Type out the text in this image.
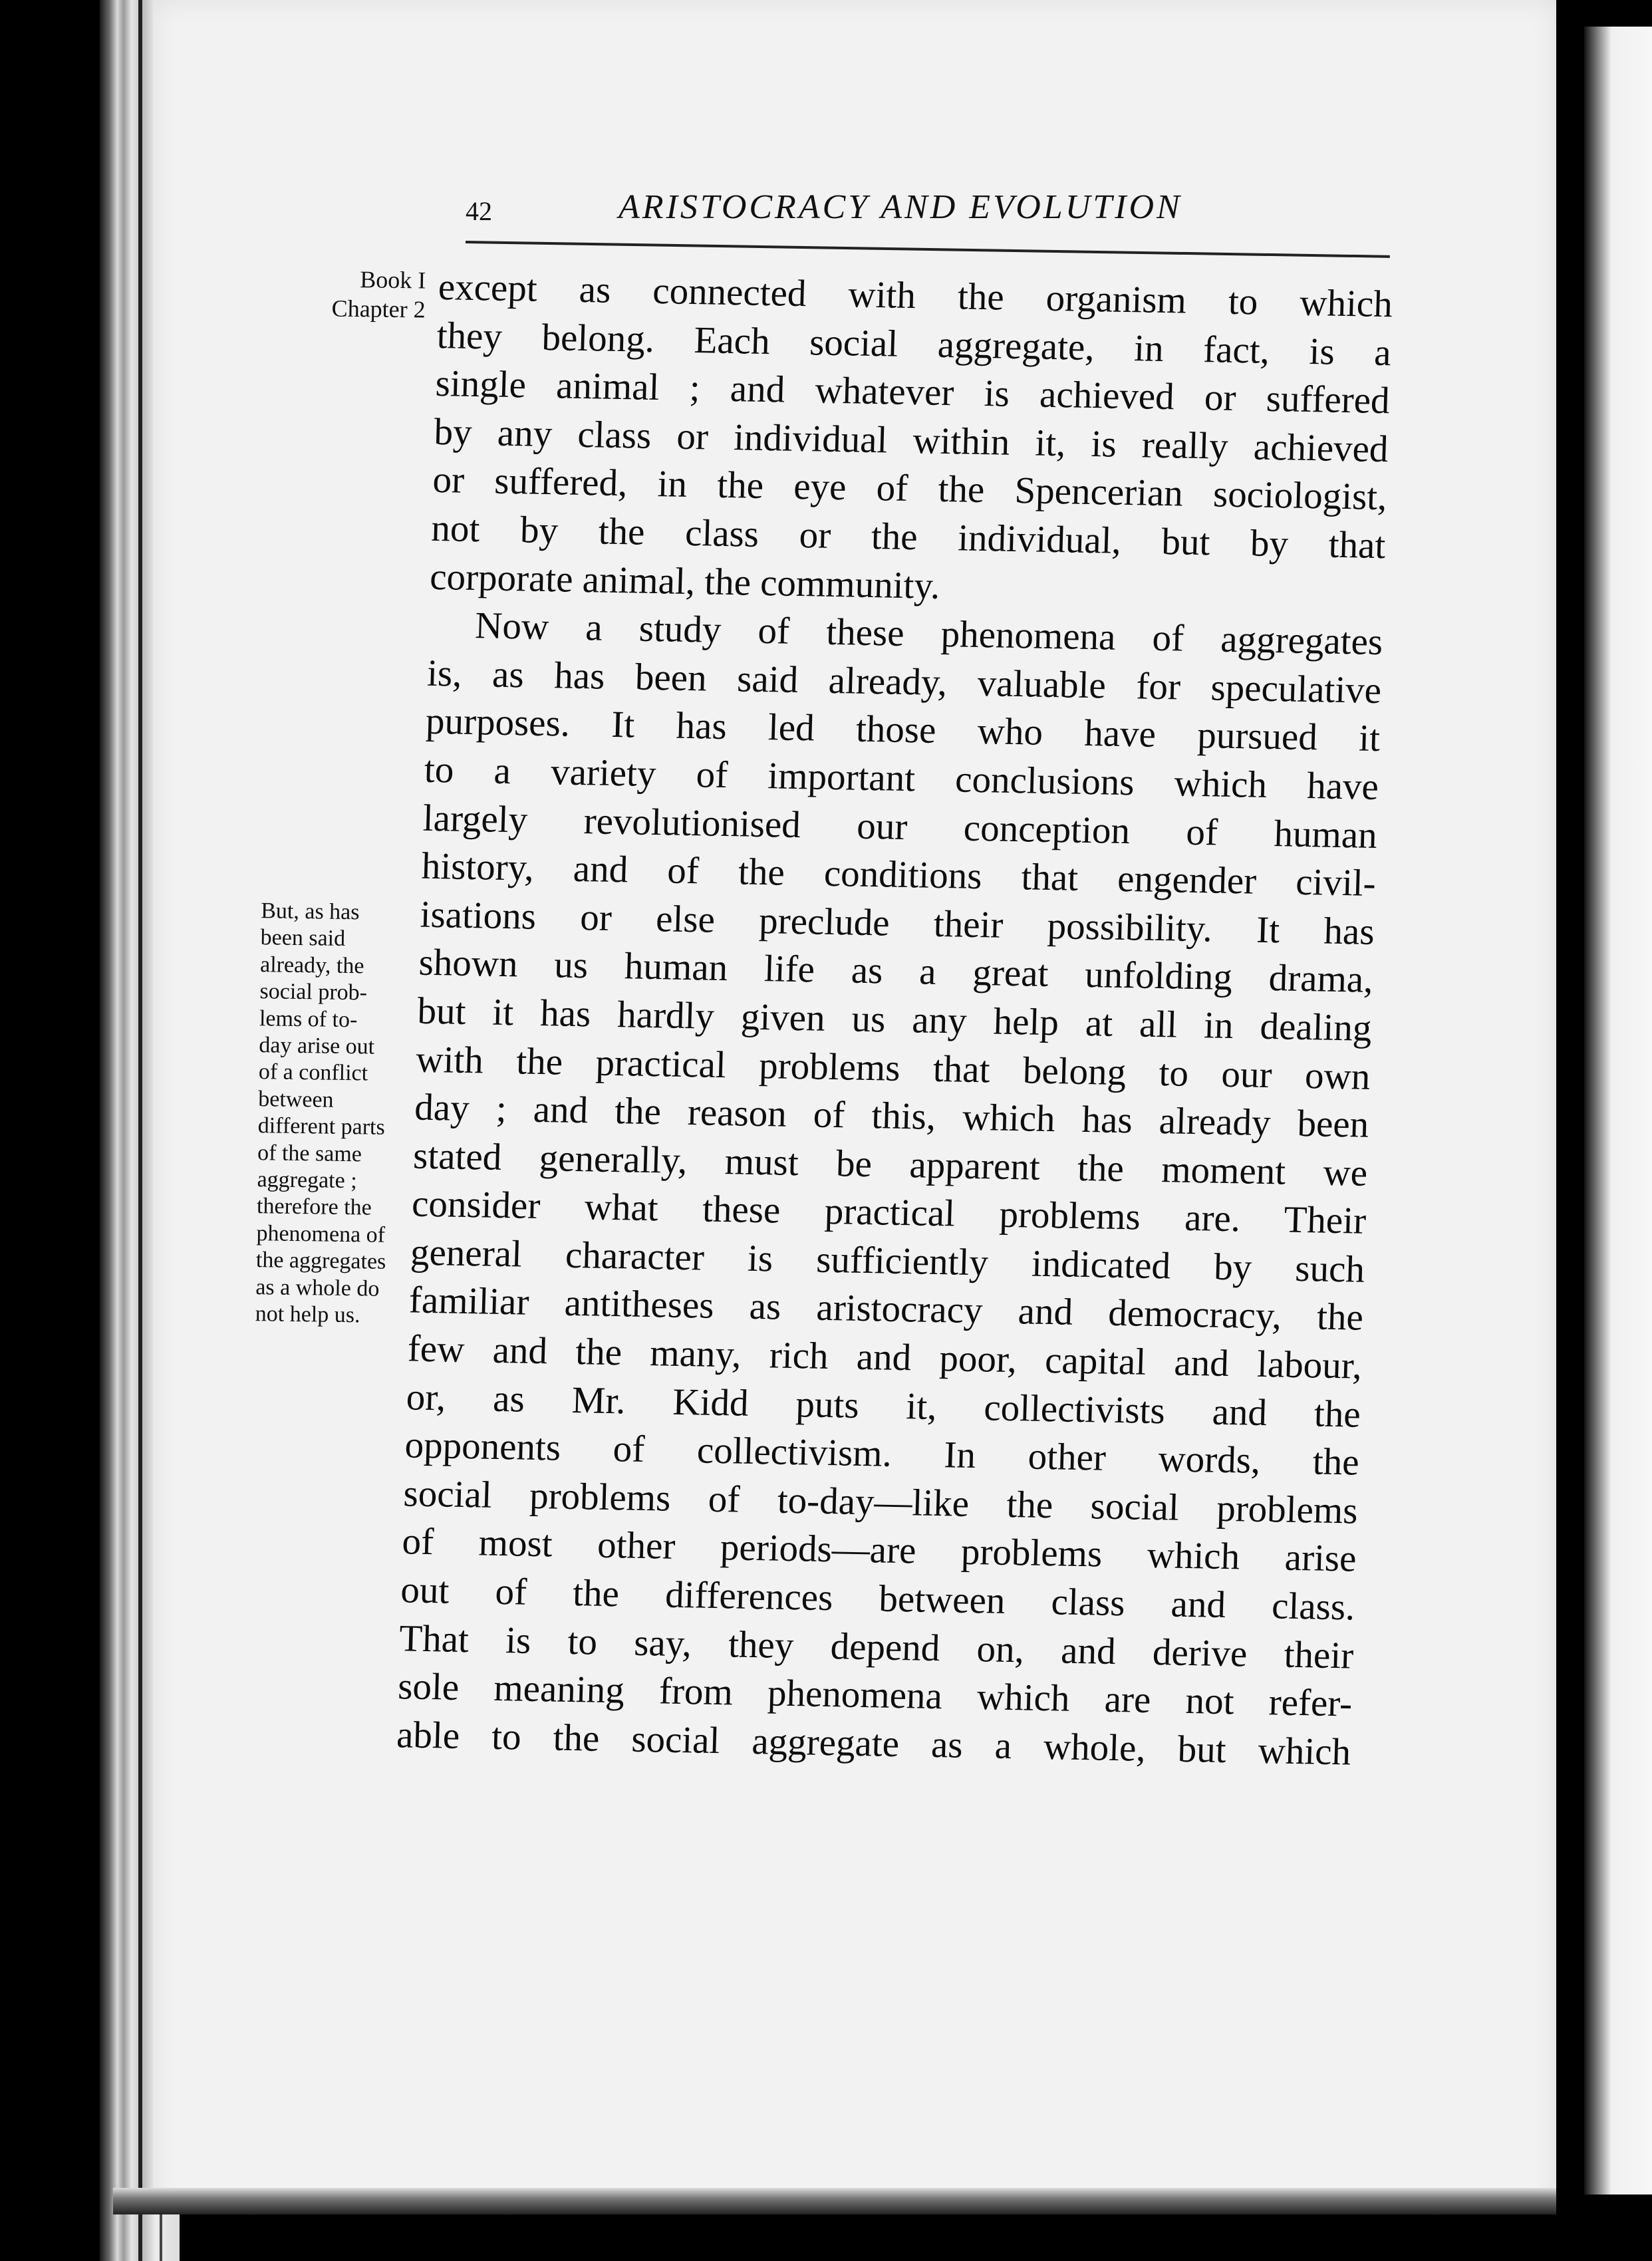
42	ARISTOCRACY AND EVOLUTION
Book I
Chapter 2
But, as has
been said
already, the
social prob-
lems of to-
day arise out
of a conflict
between
different parts
of the same
aggregate ;
therefore the
phenomena of
the aggregates
as a whole do
not help us.
except as connected with the organism to which
they belong. Each social aggregate, in fact, is a
single animal ; and whatever is achieved or suffered
by any class or individual within it, is really achieved
or suffered, in the eye of the Spencerian sociologist,
not by the class or the individual, but by that
corporate animal, the community.
Now a study of these phenomena of aggregates
is, as has been said already, valuable for speculative
purposes. It has led those who have pursued it
to a variety of important conclusions which have
largely revolutionised our conception of human
history, and of the conditions that engender civil-
isations or else preclude their possibility. It has
shown us human life as a great unfolding drama,
but it has hardly given us any help at all in dealing
with the practical problems that belong to our own
day ; and the reason of this, which has already been
stated generally, must be apparent the moment we
consider what these practical problems are. Their
general character is sufficiently indicated by such
familiar antitheses as aristocracy and democracy, the
few and the many, rich and poor, capital and labour,
or, as Mr. Kidd puts it, collectivists and the
opponents of collectivism. In other words, the
social problems of to-day—like the social problems
of most other periods—are problems which arise
out of the differences between class and class.
That is to say, they depend on, and derive their
sole meaning from phenomena which are not refer-
able to the social aggregate as a whole, but which
